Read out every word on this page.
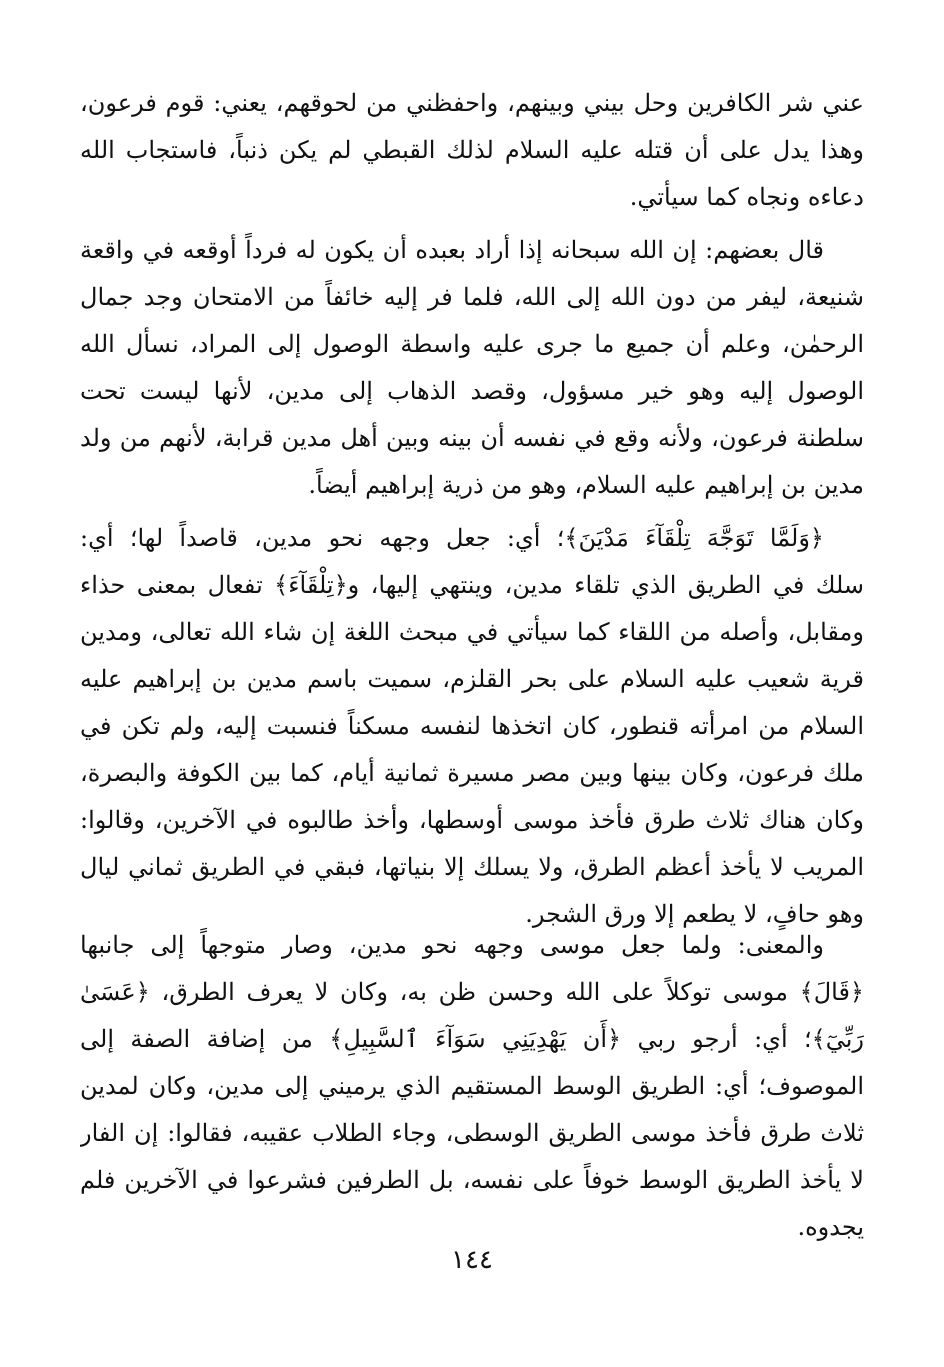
عني شر الكافرين وحل بيني وبينهم، واحفظني من لحوقهم، يعني: قوم فرعون،
وهذا يدل على أن قتله عليه السلام لذلك القبطي لم يكن ذنباً، فاستجاب الله
دعاءه ونجاه كما سيأتي.
قال بعضهم: إن الله سبحانه إذا أراد بعبده أن يكون له فرداً أوقعه في واقعة
شنيعة، ليفر من دون الله إلى الله، فلما فر إليه خائفاً من الامتحان وجد جمال
الرحمٰن، وعلم أن جميع ما جرى عليه واسطة الوصول إلى المراد، نسأل الله
الوصول إليه وهو خير مسؤول، وقصد الذهاب إلى مدين، لأنها ليست تحت
سلطنة فرعون، ولأنه وقع في نفسه أن بينه وبين أهل مدين قرابة، لأنهم من ولد
مدين بن إبراهيم عليه السلام، وهو من ذرية إبراهيم أيضاً.
﴿وَلَمَّا تَوَجَّهَ تِلْقَآءَ مَدْيَنَ﴾؛ أي: جعل وجهه نحو مدين، قاصداً لها؛ أي:
سلك في الطريق الذي تلقاء مدين، وينتهي إليها، و﴿تِلْقَآءَ﴾ تفعال بمعنى حذاء
ومقابل، وأصله من اللقاء كما سيأتي في مبحث اللغة إن شاء الله تعالى، ومدين
قرية شعيب عليه السلام على بحر القلزم، سميت باسم مدين بن إبراهيم عليه
السلام من امرأته قنطور، كان اتخذها لنفسه مسكناً فنسبت إليه، ولم تكن في
ملك فرعون، وكان بينها وبين مصر مسيرة ثمانية أيام، كما بين الكوفة والبصرة،
وكان هناك ثلاث طرق فأخذ موسى أوسطها، وأخذ طالبوه في الآخرين، وقالوا:
المريب لا يأخذ أعظم الطرق، ولا يسلك إلا بنياتها، فبقي في الطريق ثماني ليال
وهو حافٍ، لا يطعم إلا ورق الشجر.
والمعنى: ولما جعل موسى وجهه نحو مدين، وصار متوجهاً إلى جانبها
﴿قَالَ﴾ موسى توكلاً على الله وحسن ظن به، وكان لا يعرف الطرق، ﴿عَسَىٰ
رَبِّيٓ﴾؛ أي: أرجو ربي ﴿أَن يَهْدِيَنِي سَوَآءَ ٱلسَّبِيلِ﴾ من إضافة الصفة إلى
الموصوف؛ أي: الطريق الوسط المستقيم الذي يرميني إلى مدين، وكان لمدين
ثلاث طرق فأخذ موسى الطريق الوسطى، وجاء الطلاب عقيبه، فقالوا: إن الفار
لا يأخذ الطريق الوسط خوفاً على نفسه، بل الطرفين فشرعوا في الآخرين فلم
يجدوه.
١٤٤
